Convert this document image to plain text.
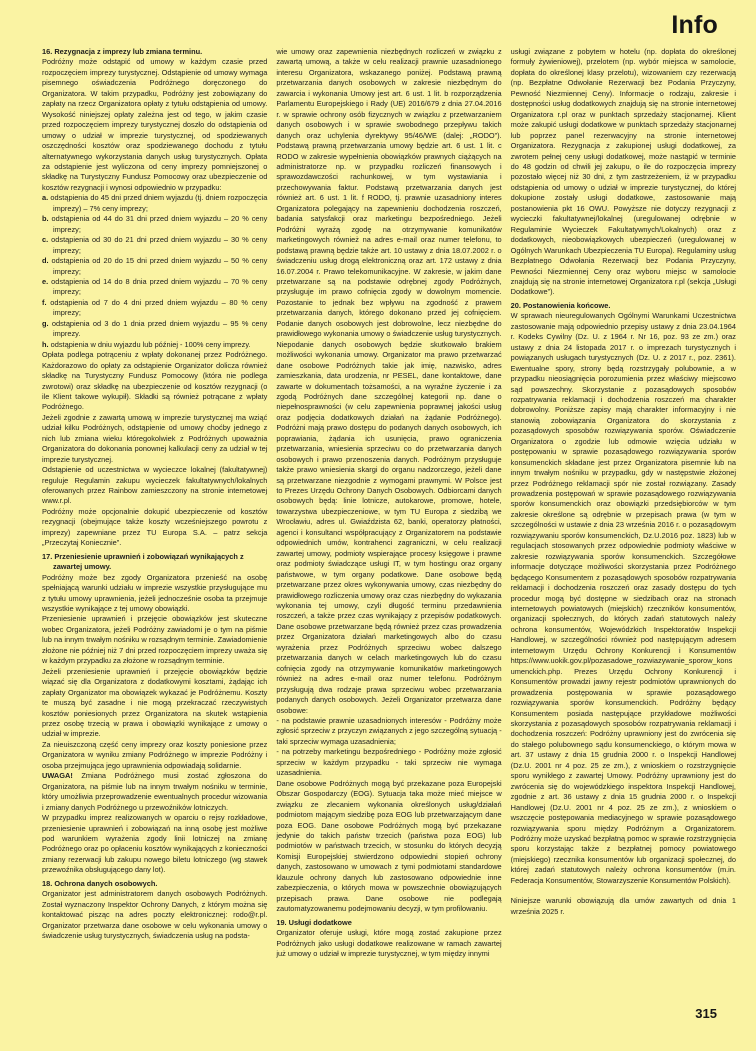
Info
16. Rezygnacja z imprezy lub zmiana terminu.

Podróżny może odstąpić od umowy w każdym czasie przed rozpoczęciem imprezy turystycznej. Odstąpienie od umowy wymaga pisemnego oświadczenia Podróżnego doręczonego do Organizatora. W takim przypadku, Podróżny jest zobowiązany do zapłaty na rzecz Organizatora opłaty z tytułu odstąpienia od umowy. Wysokość niniejszej opłaty zależna jest od tego, w jakim czasie przed rozpoczęciem imprezy turystycznej doszło do odstąpienia od umowy o udział w imprezie turystycznej, od spodziewanych oszczędności kosztów oraz spodziewanego dochodu z tytułu alternatywnego wykorzystania danych usług turystycznych. Opłata za odstąpienie jest wyliczona od ceny imprezy pomniejszonej o składkę na Turystyczny Fundusz Pomocowy oraz ubezpieczenie od kosztów rezygnacji i wynosi odpowiednio w przypadku:

a. odstąpienia do 45 dni przed dniem wyjazdu (tj. dniem rozpoczęcia imprezy) – 7% ceny imprezy;

b. odstąpienia od 44 do 31 dni przed dniem wyjazdu – 20 % ceny imprezy;

c. odstąpienia od 30 do 21 dni przed dniem wyjazdu – 30 % ceny imprezy;

d. odstąpienia od 20 do 15 dni przed dniem wyjazdu – 50 % ceny imprezy;

e. odstąpienia od 14 do 8 dnia przed dniem wyjazdu – 70 % ceny imprezy;

f. odstąpienia od 7 do 4 dni przed dniem wyjazdu – 80 % ceny imprezy;

g. odstąpienia od 3 do 1 dnia przed dniem wyjazdu – 95 % ceny imprezy.

h. odstąpienia w dniu wyjazdu lub później - 100% ceny imprezy.

Opłata podlega potrąceniu z wpłaty dokonanej przez Podróżnego. Każdorazowo do opłaty za odstąpienie Organizator dolicza również składkę na Turystyczny Fundusz Pomocowy (która nie podlega zwrotowi) oraz składkę na ubezpieczenie od kosztów rezygnacji (o ile Klient takowe wykupił). Składki są również potrącane z wpłaty Podróżnego.

Jeżeli zgodnie z zawartą umową w imprezie turystycznej ma wziąć udział kilku Podróżnych, odstąpienie od umowy choćby jednego z nich lub zmiana wieku któregokolwiek z Podróżnych upoważnia Organizatora do dokonania ponownej kalkulacji ceny za udział w tej imprezie turystycznej.

Odstąpienie od uczestnictwa w wycieczce lokalnej (fakultatywnej) reguluje Regulamin zakupu wycieczek fakultatywnych/lokalnych oferowanych przez Rainbow zamieszczony na stronie internetowej www.r.pl.

Podróżny może opcjonalnie dokupić ubezpieczenie od kosztów rezygnacji (obejmujące także koszty wcześniejszego powrotu z imprezy) zapewniane przez TU Europa S.A. – patrz sekcja „Przeczytaj Koniecznie”.

17. Przeniesienie uprawnień i zobowiązań wynikających z zawartej umowy.

Podróżny może bez zgody Organizatora przenieść na osobę spełniającą warunki udziału w imprezie wszystkie przysługujące mu z tytułu umowy uprawnienia, jeżeli jednocześnie osoba ta przejmuje wszystkie wynikające z tej umowy obowiązki.

Przeniesienie uprawnień i przejęcie obowiązków jest skuteczne wobec Organizatora, jeżeli Podróżny zawiadomi je o tym na piśmie lub na innym trwałym nośniku w rozsądnym terminie. Zawiadomienie złożone nie później niż 7 dni przed rozpoczęciem imprezy uważa się w każdym przypadku za złożone w rozsądnym terminie.

Jeżeli przeniesienie uprawnień i przejęcie obowiązków będzie wiązać się dla Organizatora z dodatkowymi kosztami, żądając ich zapłaty Organizator ma obowiązek wykazać je Podróżnemu. Koszty te muszą być zasadne i nie mogą przekraczać rzeczywistych kosztów poniesionych przez Organizatora na skutek wstąpienia przez osobę trzecią w prawa i obowiązki wynikające z umowy o udział w imprezie.

Za nieuiszczoną część ceny imprezy oraz koszty poniesione przez Organizatora w wyniku zmiany Podróżnego w imprezie Podróżny i osoba przejmująca jego uprawnienia odpowiadają solidarnie.

UWAGA! Zmiana Podróżnego musi zostać zgłoszona do Organizatora, na piśmie lub na innym trwałym nośniku w terminie, który umożliwia przeprowadzenie ewentualnych procedur wizowania i zmiany danych Podróżnego u przewoźników lotniczych.

W przypadku imprez realizowanych w oparciu o rejsy rozkładowe, przeniesienie uprawnień i zobowiązań na inną osobę jest możliwe pod warunkiem wyrażenia zgody linii lotniczej na zmianę Podróżnego oraz po opłaceniu kosztów wynikających z konieczności zmiany rezerwacji lub zakupu nowego biletu lotniczego (wg stawek przewoźnika obsługującego dany lot).

18. Ochrona danych osobowych.

Organizator jest administratorem danych osobowych Podróżnych. Został wyznaczony Inspektor Ochrony Danych, z którym można się kontaktować pisząc na adres poczty elektronicznej: rodo@r.pl. Organizator przetwarza dane osobowe w celu wykonania umowy o świadczenie usług turystycznych, świadczenia usług na podsta-

wie umowy oraz zapewnienia niezbędnych rozliczeń w związku z zawartą umową, a także w celu realizacji prawnie uzasadnionego interesu Organizatora, wskazanego poniżej. Podstawą prawną przetwarzania danych osobowych w zakresie niezbędnym do zawarcia i wykonania Umowy jest art. 6 ust. 1 lit. b rozporządzenia Parlamentu Europejskiego i Rady (UE) 2016/679 z dnia 27.04.2016 r. w sprawie ochrony osób fizycznych w związku z przetwarzaniem danych osobowych i w sprawie swobodnego przepływu takich danych oraz uchylenia dyrektywy 95/46/WE (dalej: „RODO”). Podstawą prawną przetwarzania umowy będzie art. 6 ust. 1 lit. c RODO w zakresie wypełnienia obowiązków prawnych ciążących na administratorze np. w przypadku rozliczeń finansowych i sprawozdawczości rachunkowej, w tym wystawiania i przechowywania faktur. Podstawą przetwarzania danych jest również art. 6 ust. 1 lit. f RODO, tj. prawnie uzasadniony interes Organizatora polegający na zapewnieniu dochodzenia roszczeń, badania satysfakcji oraz marketingu bezpośredniego. Jeżeli Podróżni wyrażą zgodę na otrzymywanie komunikatów marketingowych również na adres e-mail oraz numer telefonu, to podstawą prawną będzie także art. 10 ustawy z dnia 18.07.2002 r. o świadczeniu usług drogą elektroniczną oraz art. 172 ustawy z dnia 16.07.2004 r. Prawo telekomunikacyjne. W zakresie, w jakim dane przetwarzane są na podstawie odrębnej zgody Podróżnych, przysługuje im prawo cofnięcia zgody w dowolnym momencie. Pozostanie to jednak bez wpływu na zgodność z prawem przetwarzania danych, którego dokonano przed jej cofnięciem. Podanie danych osobowych jest dobrowolne, lecz niezbędne do prawidłowego wykonania umowy o świadczenie usług turystycznych. Niepodanie danych osobowych będzie skutkowało brakiem możliwości wykonania umowy. Organizator ma prawo przetwarzać dane osobowe Podróżnych takie jak imię, nazwisko, adres zamieszkania, data urodzenia, nr PESEL, dane kontaktowe, dane zawarte w dokumentach tożsamości, a na wyraźne życzenie i za zgodą Podróżnych dane szczególnej kategorii np. dane o niepełnosprawności (w celu zapewnienia poprawnej jakości usług oraz podjęcia dodatkowych działań na żądanie Podróżnego). Podróżni mają prawo dostępu do podanych danych osobowych, ich poprawiania, żądania ich usunięcia, prawo ograniczenia przetwarzania, wniesienia sprzeciwu co do przetwarzania danych osobowych i prawo przenoszenia danych. Podróżnym przysługuje także prawo wniesienia skargi do organu nadzorczego, jeżeli dane są przetwarzane niezgodnie z wymogami prawnymi. W Polsce jest to Prezes Urzędu Ochrony Danych Osobowych. Odbiorcami danych osobowych będą: linie lotnicze, autokarowe, promowe, hotele, towarzystwa ubezpieczeniowe, w tym TU Europa z siedzibą we Wrocławiu, adres ul. Gwiaździsta 62, banki, operatorzy płatności, agenci i konsultanci współpracujący z Organizatorem na podstawie odpowiednich umów, kontrahenci zagraniczni, w celu realizacji zawartej umowy, podmioty wspierające procesy księgowe i prawne oraz podmioty świadczące usługi IT, w tym hostingu oraz organy państwowe, w tym organy podatkowe. Dane osobowe będą przetwarzane przez okres wykonywania umowy, czas niezbędny do prawidłowego rozliczenia umowy oraz czas niezbędny do wykazania wykonania tej umowy, czyli długość terminu przedawnienia roszczeń, a także przez czas wynikający z przepisów podatkowych. Dane osobowe przetwarzane będą również przez czas prowadzenia przez Organizatora działań marketingowych albo do czasu wyrażenia przez Podróżnych sprzeciwu wobec dalszego przetwarzania danych w celach marketingowych lub do czasu cofnięcia zgody na otrzymywanie komunikatów marketingowych również na adres e-mail oraz numer telefonu. Podróżnym przysługują dwa rodzaje prawa sprzeciwu wobec przetwarzania podanych danych osobowych. Jeżeli Organizator przetwarza dane osobowe:

- na podstawie prawnie uzasadnionych interesów - Podróżny może zgłosić sprzeciw z przyczyn związanych z jego szczególną sytuacją - taki sprzeciw wymaga uzasadnienia;

- na potrzeby marketingu bezpośredniego - Podróżny może zgłosić sprzeciw w każdym przypadku - taki sprzeciw nie wymaga uzasadnienia.

Dane osobowe Podróżnych mogą być przekazane poza Europejski Obszar Gospodarczy (EOG). Sytuacja taka może mieć miejsce w związku ze zlecaniem wykonania określonych usług/działań podmiotom mającym siedzibę poza EOG lub przetwarzającym dane poza EOG. Dane osobowe Podróżnych mogą być przekazane jedynie do takich państw trzecich (państwa poza EOG) lub podmiotów w państwach trzecich, w stosunku do których decyzją Komisji Europejskiej stwierdzono odpowiedni stopień ochrony danych, zastosowano w umowach z tymi podmiotami standardowe klauzule ochrony danych lub zastosowano odpowiednie inne zabezpieczenia, o których mowa w powszechnie obowiązujących przepisach prawa. Dane osobowe nie podlegają zautomatyzowanemu podejmowaniu decyzji, w tym profilowaniu.

19. Usługi dodatkowe

Organizator oferuje usługi, które mogą zostać zakupione przez Podróżnych jako usługi dodatkowe realizowane w ramach zawartej już umowy o udział w imprezie turystycznej, w tym między innymi

usługi związane z pobytem w hotelu (np. dopłata do określonej formuły żywieniowej), przelotem (np. wybór miejsca w samolocie, dopłata do określonej klasy przelotu), wizowaniem czy rezerwacją (np. Bezpłatne Odwołanie Rezerwacji bez Podania Przyczyny, Pewność Niezmiennej Ceny). Informacje o rodzaju, zakresie i dostępności usług dodatkowych znajdują się na stronie internetowej Organizatora r.pl oraz w punktach sprzedaży stacjonarnej. Klient może zakupić usługi dodatkowe w punktach sprzedaży stacjonarnej lub poprzez panel rezerwacyjny na stronie internetowej Organizatora. Rezygnacja z zakupionej usługi dodatkowej, za zwrotem pełnej ceny usługi dodatkowej, może nastąpić w terminie do 48 godzin od chwili jej zakupu, o ile do rozpoczęcia imprezy pozostało więcej niż 30 dni, z tym zastrzeżeniem, iż w przypadku odstąpienia od umowy o udział w imprezie turystycznej, do której dokupione zostały usługi dodatkowe, zastosowanie mają postanowienia pkt 16 OWU. Powyższe nie dotyczy rezygnacji z wycieczki fakultatywnej/lokalnej (uregulowanej odrębnie w Regulaminie Wycieczek Fakultatywnych/Lokalnych) oraz z dodatkowych, nieobowiązkowych ubezpieczeń (uregulowanej w Ogólnych Warunkach Ubezpieczenia TU Europa). Regulaminy usług Bezpłatnego Odwołania Rezerwacji bez Podania Przyczyny, Pewności Niezmiennej Ceny oraz wyboru miejsc w samolocie znajdują się na stronie internetowej Organizatora r.pl (sekcja „Usługi Dodatkowe”).

20. Postanowienia końcowe.

W sprawach nieuregulowanych Ogólnymi Warunkami Uczestnictwa zastosowanie mają odpowiednio przepisy ustawy z dnia 23.04.1964 r. Kodeks Cywilny (Dz. U. z 1964 r. Nr 16, poz. 93 ze zm.) oraz ustawy z dnia 24 listopada 2017 r. o imprezach turystycznych i powiązanych usługach turystycznych (Dz. U. z 2017 r., poz. 2361). Ewentualne spory, strony będą rozstrzygały polubownie, a w przypadku nieosiągnięcia porozumienia przez właściwy miejscowo sąd powszechny. Skorzystanie z pozasądowych sposobów rozpatrywania reklamacji i dochodzenia roszczeń ma charakter dobrowolny. Poniższe zapisy mają charakter informacyjny i nie stanowią zobowiązania Organizatora do skorzystania z pozasądowych sposobów rozwiązywania sporów. Oświadczenie Organizatora o zgodzie lub odmowie wzięcia udziału w postępowaniu w sprawie pozasądowego rozwiązywania sporów konsumenckich składane jest przez Organizatora pisemnie lub na innym trwałym nośniku w przypadku, gdy w następstwie złożonej przez Podróżnego reklamacji spór nie został rozwiązany. Zasady prowadzenia postępowań w sprawie pozasądowego rozwiązywania sporów konsumenckich oraz obowiązki przedsiębiorców w tym zakresie określone są odrębnie w przepisach prawa (w tym w szczególności w ustawie z dnia 23 września 2016 r. o pozasądowym rozwiązywaniu sporów konsumenckich, Dz.U.2016 poz. 1823) lub w regulacjach stosowanych przez odpowiednie podmioty właściwe w zakresie rozwiązywania sporów konsumenckich. Szczegółowe informacje dotyczące możliwości skorzystania przez Podróżnego będącego Konsumentem z pozasądowych sposobów rozpatrywania reklamacji i dochodzenia roszczeń oraz zasady dostępu do tych procedur mogą być dostępne w siedzibach oraz na stronach internetowych powiatowych (miejskich) rzeczników konsumentów, organizacji społecznych, do których zadań statutowych należy ochrona konsumentów, Wojewódzkich Inspektoratów Inspekcji Handlowej, w szczególności również pod następującym adresem internetowym Urzędu Ochrony Konkurencji i Konsumentów https://www.uokik.gov.pl/pozasadowe_rozwiazywanie_sporow_konsumenckich.php. Prezes Urzędu Ochrony Konkurencji i Konsumentów prowadzi jawny rejestr podmiotów uprawnionych do prowadzenia postępowania w sprawie pozasądowego rozwiązywania sporów konsumenckich. Podróżny będący Konsumentem posiada następujące przykładowe możliwości skorzystania z pozasądowych sposobów rozpatrywania reklamacji i dochodzenia roszczeń: Podróżny uprawniony jest do zwrócenia się do stałego polubownego sądu konsumenckiego, o którym mowa w art. 37 ustawy z dnia 15 grudnia 2000 r. o Inspekcji Handlowej (Dz.U. 2001 nr 4 poz. 25 ze zm.), z wnioskiem o rozstrzygnięcie sporu wynikłego z zawartej Umowy. Podróżny uprawniony jest do zwrócenia się do wojewódzkiego inspektora Inspekcji Handlowej, zgodnie z art. 36 ustawy z dnia 15 grudnia 2000 r. o Inspekcji Handlowej (Dz.U. 2001 nr 4 poz. 25 ze zm.), z wnioskiem o wszczęcie postępowania mediacyjnego w sprawie pozasądowego rozwiązywania sporu między Podróżnym a Organizatorem. Podróżny może uzyskać bezpłatną pomoc w sprawie rozstrzygnięcia sporu korzystając także z bezpłatnej pomocy powiatowego (miejskiego) rzecznika konsumentów lub organizacji społecznej, do której zadań statutowych należy ochrona konsumentów (m.in. Federacja Konsumentów, Stowarzyszenie Konsumentów Polskich).

Niniejsze warunki obowiązują dla umów zawartych od dnia 1 września 2025 r.

315
